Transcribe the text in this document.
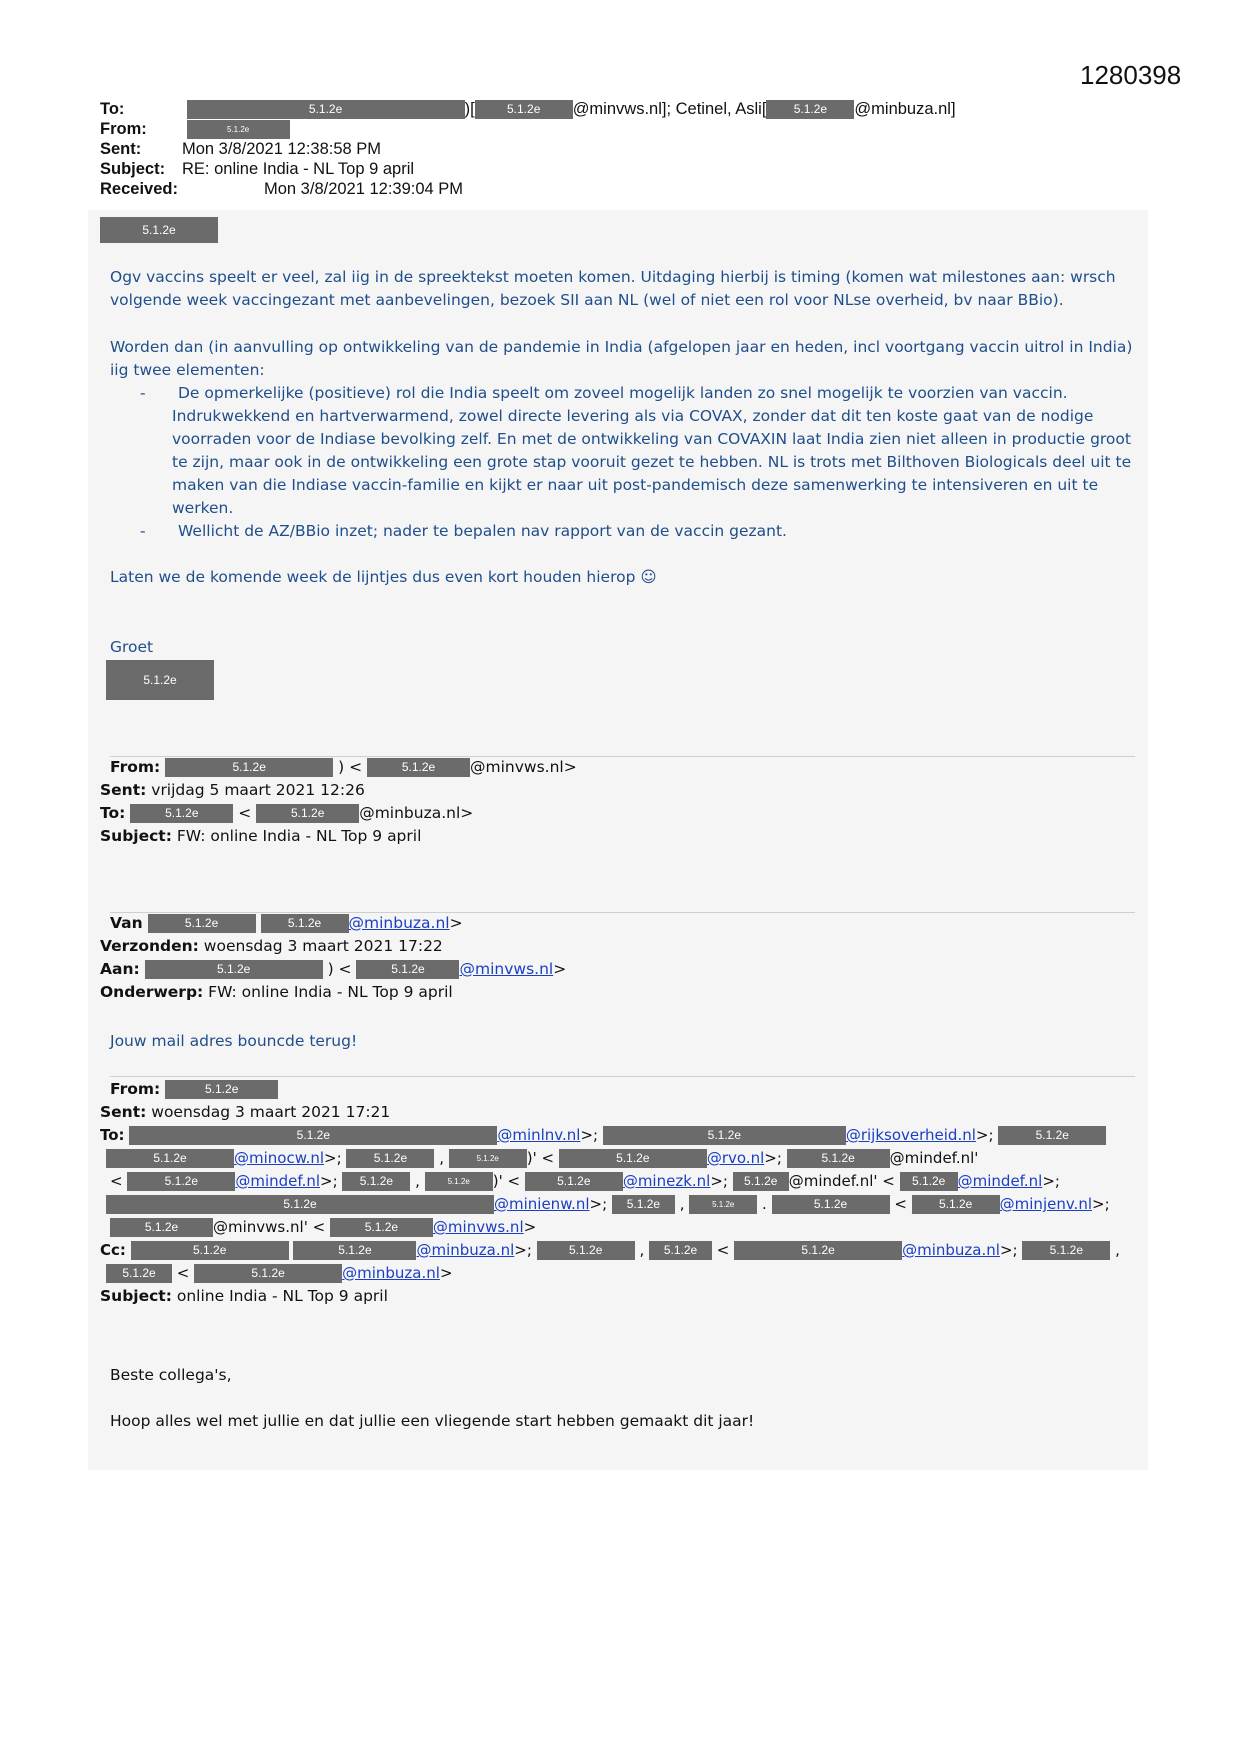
1280398
To:	5.1.2e	)[	5.1.2e @minvws.nl]; Cetinel, Asli[ 5.1.2e @minbuza.nl]
From:	5.1.2e
Sent: Mon 3/8/2021 12:38:58 PM
Subject: RE: online India - NL Top 9 april
Received:	Mon 3/8/2021 12:39:04 PM
5.1.2e
Ogv vaccins speelt er veel, zal iig in de spreektekst moeten komen. Uitdaging hierbij is timing (komen wat milestones aan: wrsch volgende week vaccingezant met aanbevelingen, bezoek SII aan NL (wel of niet een rol voor NLse overheid, bv naar BBio).
Worden dan (in aanvulling op ontwikkeling van de pandemie in India (afgelopen jaar en heden, incl voortgang vaccin uitrol in India) iig twee elementen:
-	De opmerkelijke (positieve) rol die India speelt om zoveel mogelijk landen zo snel mogelijk te voorzien van vaccin. Indrukwekkend en hartverwarmend, zowel directe levering als via COVAX, zonder dat dit ten koste gaat van de nodige voorraden voor de Indiase bevolking zelf. En met de ontwikkeling van COVAXIN laat India zien niet alleen in productie groot te zijn, maar ook in de ontwikkeling een grote stap vooruit gezet te hebben. NL is trots met Bilthoven Biologicals deel uit te maken van die Indiase vaccin-familie en kijkt er naar uit post-pandemisch deze samenwerking te intensiveren en uit te werken.
- Wellicht de AZ/BBio inzet; nader te bepalen nav rapport van de vaccin gezant.
Laten we de komende week de lijntjes dus even kort houden hierop ☺
Groet
5.1.2e
From:	5.1.2e	) <	5.1.2e @minvws.nl>
Sent: vrijdag 5 maart 2021 12:26
To:	5.1.2e	<	5.1.2e @minbuza.nl>
Subject: FW: online India - NL Top 9 april
Van	5.1.2e	5.1.2e @minbuza.nl>
Verzonden: woensdag 3 maart 2021 17:22
Aan:	5.1.2e	) <	5.1.2e @minvws.nl>
Onderwerp: FW: online India - NL Top 9 april
Jouw mail adres bouncde terug!
From:	5.1.2e
Sent: woensdag 3 maart 2021 17:21
To:	5.1.2e	@minlnv.nl>;	5.1.2e	@rijksoverheid.nl>;	5.1.2e
5.1.2e	@minocw.nl>; 5.1.2e ,	5.1.2e )' <	5.1.2e	@rvo.nl>;	5.1.2e @mindef.nl'
<	5.1.2e @mindef.nl>; 5.1.2e ,	5.1.2e )' <	5.1.2e @minezk.nl>; 5.1.2e @mindef.nl' < 5.1.2e @mindef.nl>;
5.1.2e	@minienw.nl>; 5.1.2e ,	5.1.2e .	5.1.2e	< 5.1.2e @minjenv.nl>;
5.1.2e @minvws.nl' <	5.1.2e @minvws.nl>
Cc:	5.1.2e	5.1.2e	@minbuza.nl>;	5.1.2e , 5.1.2e <	5.1.2e	@minbuza.nl>; 5.1.2e ,
5.1.2e <	5.1.2e	@minbuza.nl>
Subject: online India - NL Top 9 april
Beste collega's,
Hoop alles wel met jullie en dat jullie een vliegende start hebben gemaakt dit jaar!
